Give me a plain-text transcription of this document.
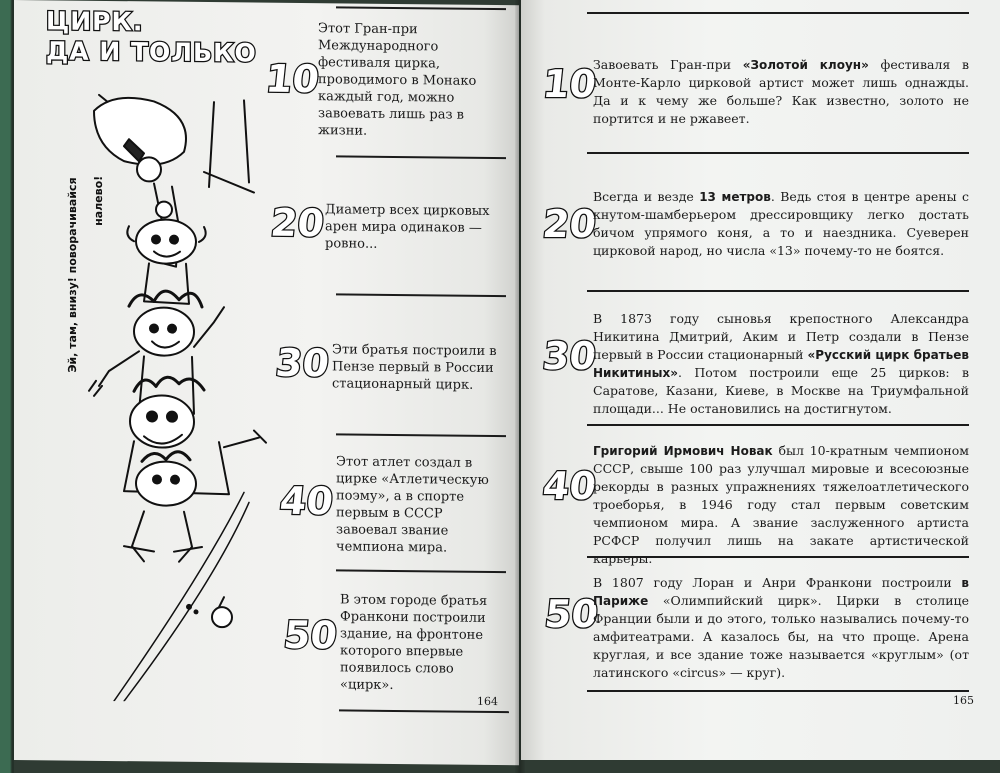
ЦИРК.
ДА И ТОЛЬКО
Эй, там, внизу! поворачивайся налево!
10
Этот Гран-при Международного фестиваля цирка, проводимого в Монако каждый год, можно завоевать лишь раз в жизни.
20
Диаметр всех цирковых арен мира одинаков — ровно...
30 Эти братья построили в Пензе первый в России стационарный цирк.
40
Этот атлет создал в цирке «Атлетическую поэму», а в спорте первым в СССР завоевал звание чемпиона мира.
50
В этом городе братья Франкони построили здание, на фронтоне которого впервые появилось слово «цирк».
164
10
Завоевать Гран-при «Золотой клоун» фестиваля в Монте-Карло цирковой артист может лишь однажды. Да и к чему же больше? Как известно, золото не портится и не ржавеет.
20
Всегда и везде 13 метров. Ведь стоя в центре арены с кнутом-шамберьером дрессировщику легко достать бичом упрямого коня, а то и наездника. Суеверен цирковой народ, но числа «13» почему-то не боятся.
30
В 1873 году сыновья крепостного Александра Никитина Дмитрий, Аким и Петр создали в Пензе первый в России стационарный «Русский цирк братьев Никитиных». Потом построили еще 25 цирков: в Саратове, Казани, Киеве, в Москве на Триумфальной площади... Не остановились на достигнутом.
40
Григорий Ирмович Новак был 10-кратным чемпионом СССР, свыше 100 раз улучшал мировые и всесоюзные рекорды в разных упражнениях тяжелоатлетического троеборья, в 1946 году стал первым советским чемпионом мира. А звание заслуженного артиста РСФСР получил лишь на закате артистической карьеры.
50
В 1807 году Лоран и Анри Франкони построили в Париже «Олимпийский цирк». Цирки в столице Франции были и до этого, только назывались почему-то амфитеатрами. А казалось бы, на что проще. Арена круглая, и все здание тоже называется «круглым» (от латинского «circus» — круг).
165
